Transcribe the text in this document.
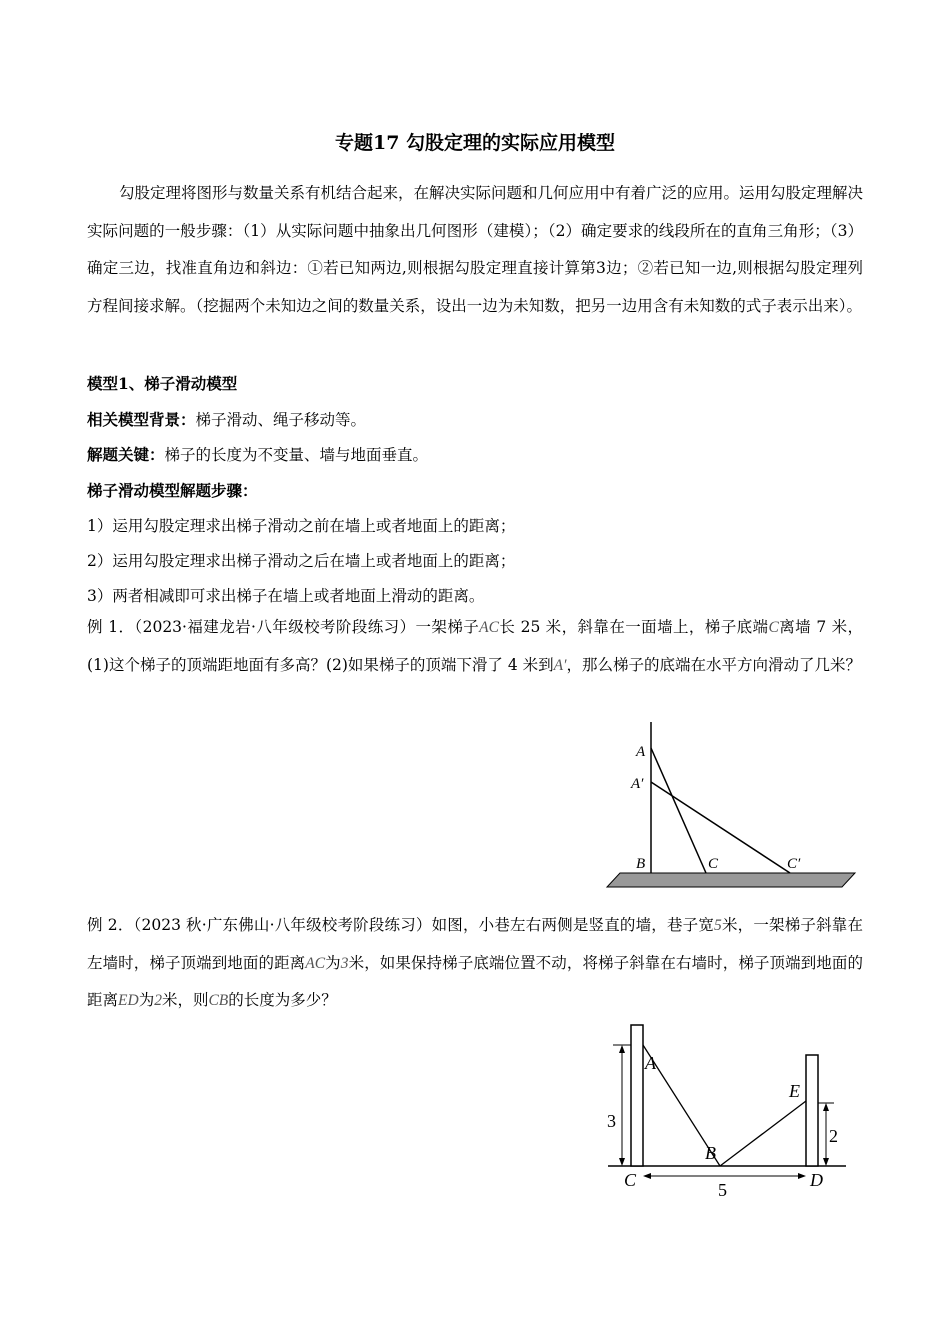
专题17 勾股定理的实际应用模型
勾股定理将图形与数量关系有机结合起来，在解决实际问题和几何应用中有着广泛的应用。运用勾股定理解决实际问题的一般步骤：（1）从实际问题中抽象出几何图形（建模）；（2）确定要求的线段所在的直角三角形；（3）确定三边，找准直角边和斜边：①若已知两边,则根据勾股定理直接计算第3边；②若已知一边,则根据勾股定理列方程间接求解。（挖掘两个未知边之间的数量关系，设出一边为未知数，把另一边用含有未知数的式子表示出来）。
模型1、梯子滑动模型
相关模型背景：梯子滑动、绳子移动等。
解题关键：梯子的长度为不变量、墙与地面垂直。
梯子滑动模型解题步骤：
1）运用勾股定理求出梯子滑动之前在墙上或者地面上的距离；
2）运用勾股定理求出梯子滑动之后在墙上或者地面上的距离；
3）两者相减即可求出梯子在墙上或者地面上滑动的距离。
例 1．（2023·福建龙岩·八年级校考阶段练习）一架梯子AC长 25 米，斜靠在一面墙上，梯子底端C离墙 7 米，(1)这个梯子的顶端距地面有多高？(2)如果梯子的顶端下滑了 4 米到A′，那么梯子的底端在水平方向滑动了几米？
A
A′
B	C	C′
A
B
C	D
E
3
2
5
例 2．（2023 秋·广东佛山·八年级校考阶段练习）如图，小巷左右两侧是竖直的墙，巷子宽5米，一架梯子斜靠在左墙时，梯子顶端到地面的距离AC为3米，如果保持梯子底端位置不动，将梯子斜靠在右墙时，梯子顶端到地面的距离ED为2米，则CB的长度为多少？
